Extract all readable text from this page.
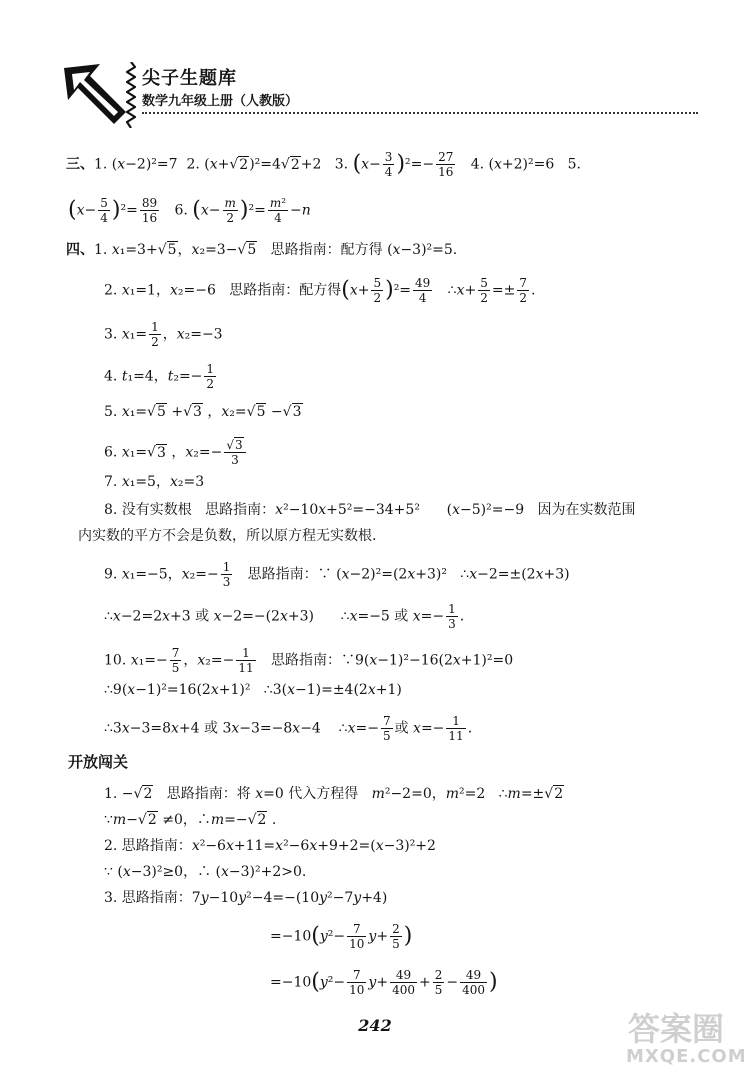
尖子生题库
数学九年级上册（人教版）
三、1. (x−2)²=7  2. (x+√2)²=4√2+2   3. $(x- \frac{3}{4} )^2=- \frac{27}{16} 4$. (x+2)²=6   5.
$(x- \frac{5}{4} )^2= \frac{89}{16} 6$. $(x- \frac{m}{2} )^2= \frac{\text{m²}}{4} -n$
四、1. x₁=3+√5，x₂=3−√5   思路指南：配方得 (x−3)²=5.
2. x₁=1，x₂=−6   思路指南：配方得$(x+ \frac{5}{2} )^2= \frac{49}{4}$ ∴x+ $\frac{5}{2} =\pm \frac{7}{2}$ .
3. $x_1= \frac{1}{2}$ ，x₂=−3
4. t₁=4，$t_2=- \frac{1}{2}$
5. x₁=√5 +√3 ，x₂=√5 −√3
6. x₁=√3 ，$x_2=- \frac{√3}{3}$
7. x₁=5，x₂=3
8. 没有实数根   思路指南：x²−10x+5²=−34+5²      (x−5)²=−9   因为在实数范围
内实数的平方不会是负数，所以原方程无实数根.
9. x₁=−5，$x_2=- \frac{1}{3}$ 思路指南：∵ (x−2)²=(2x+3)²   ∴x−2=±(2x+3)
∴x−2=2x+3 或 x−2=−(2x+3)      ∴x=−5 或 $x=- \frac{1}{3}$ .
10. $x_1=- \frac{7}{5}$ ，$x_2=- \frac{1}{11}$ 思路指南：∵9(x−1)²−16(2x+1)²=0
∴9(x−1)²=16(2x+1)²   ∴3(x−1)=±4(2x+1)
∴3x−3=8x+4 或 3x−3=−8x−4    ∴x=− $\frac{7}{5}$ 或 $x=- \frac{1}{11}$ .
开放闯关
1. −√2   思路指南：将 x=0 代入方程得   m²−2=0，m²=2   ∴m=±√2
∵m−√2 ≠0，∴m=−√2 .
2. 思路指南：x²−6x+11=x²−6x+9+2=(x−3)²+2
∵ (x−3)²≥0，∴ (x−3)²+2>0.
3. 思路指南：7y−10y²−4=−(10y²−7y+4)
$=-10(y^2- \frac{7}{10} y+ \frac{2}{5}$ )
$=-10(y^2- \frac{7}{10} y+ \frac{49}{400} + \frac{2}{5} - \frac{49}{400}$ )
242	答案圈
MXQE.COM
